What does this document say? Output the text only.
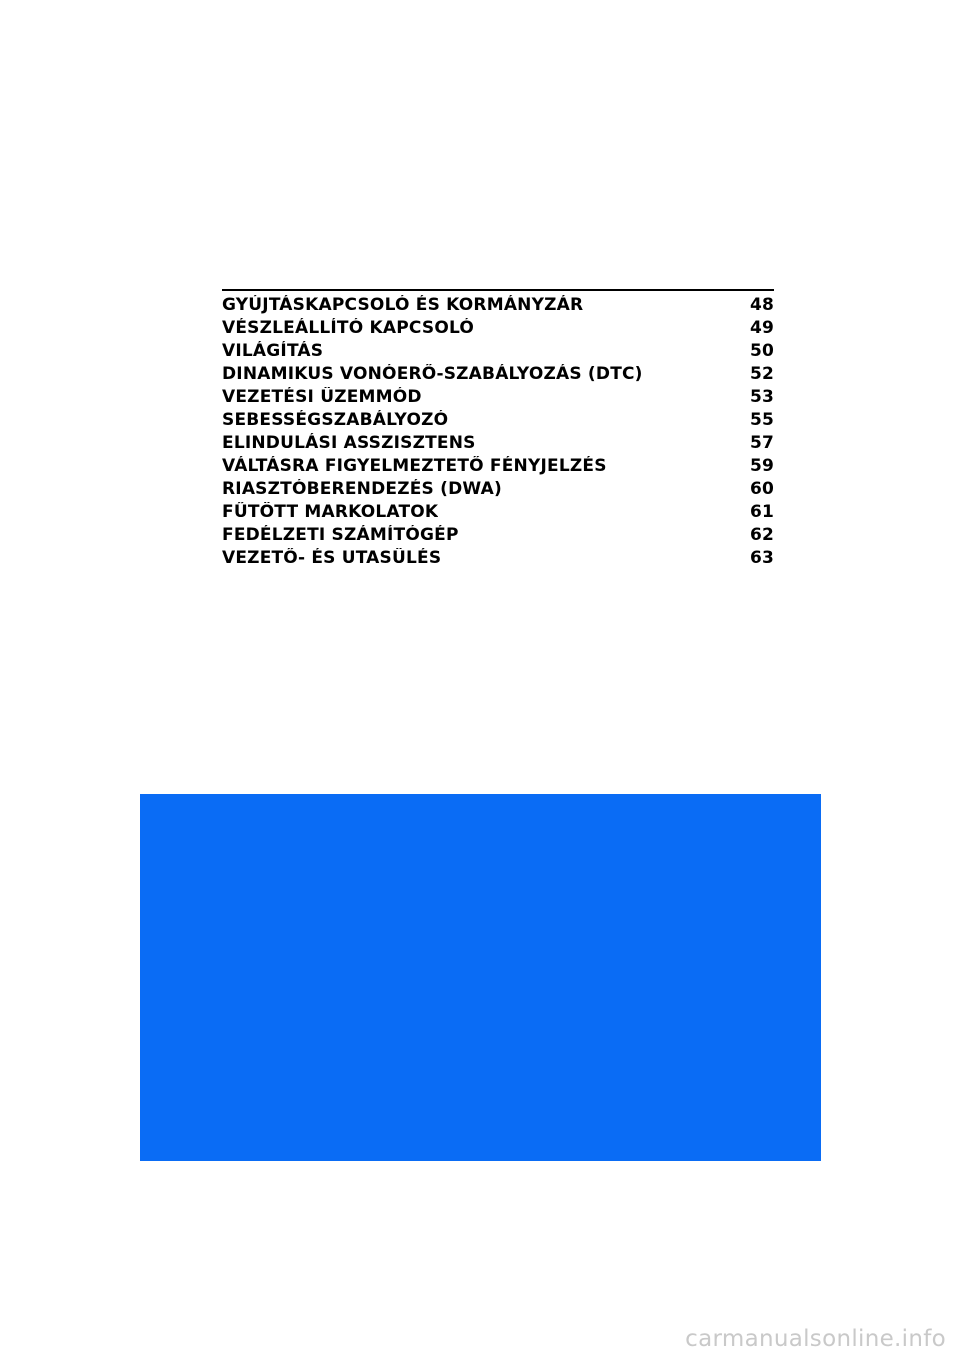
GYÚJTÁSKAPCSOLÓ ÉS KORMÁNYZÁR	48
VÉSZLEÁLLÍTÓ KAPCSOLÓ	49
VILÁGÍTÁS	50
DINAMIKUS VONÓERŐ-SZABÁLYOZÁS (DTC)	52
VEZETÉSI ÜZEMMÓD	53
SEBESSÉGSZABÁLYOZÓ	55
ELINDULÁSI ASSZISZTENS	57
VÁLTÁSRA FIGYELMEZTETŐ FÉNYJELZÉS	59
RIASZTÓBERENDEZÉS (DWA)	60
FŰTÖTT MARKOLATOK	61
FEDÉLZETI SZÁMÍTÓGÉP	62
VEZETŐ- ÉS UTASÜLÉS	63
carmanualsonline.info
